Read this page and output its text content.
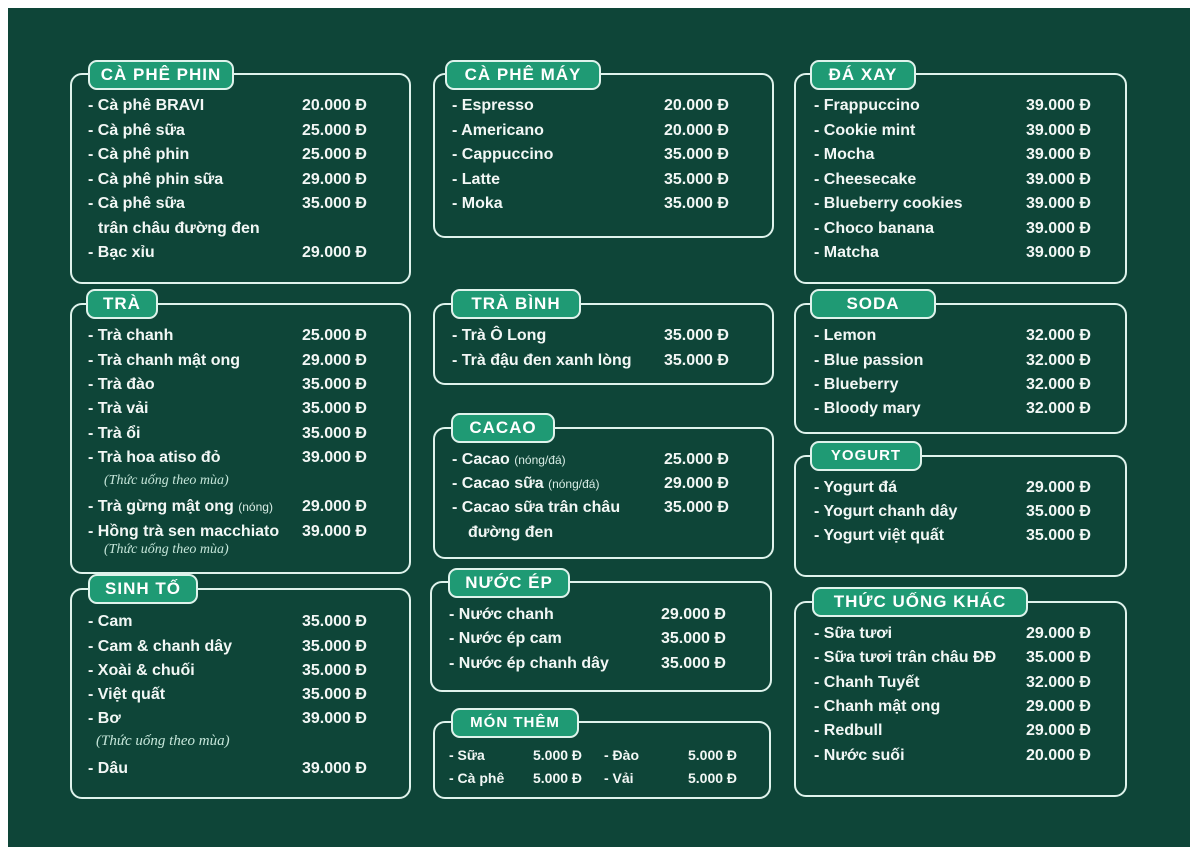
CÀ PHÊ PHIN
- Cà phê BRAVI	20.000 Đ
- Cà phê sữa	25.000 Đ
- Cà phê phin	25.000 Đ
- Cà phê phin sữa	29.000 Đ
- Cà phê sữa	35.000 Đ
trân châu đường đen
- Bạc xỉu	29.000 Đ
TRÀ
- Trà chanh	25.000 Đ
- Trà chanh mật ong	29.000 Đ
- Trà đào	35.000 Đ
- Trà vải	35.000 Đ
- Trà ổi	35.000 Đ
- Trà hoa atiso đỏ	39.000 Đ
(Thức uống theo mùa)
- Trà gừng mật ong (nóng) 29.000 Đ
- Hồng trà sen macchiato 39.000 Đ
(Thức uống theo mùa)
SINH TỐ
- Cam	35.000 Đ
- Cam & chanh dây	35.000 Đ
- Xoài & chuối	35.000 Đ
- Việt quất	35.000 Đ
- Bơ	39.000 Đ
(Thức uống theo mùa)
- Dâu	39.000 Đ
CÀ PHÊ MÁY
- Espresso	20.000 Đ
- Americano	20.000 Đ
- Cappuccino	35.000 Đ
- Latte	35.000 Đ
- Moka	35.000 Đ
TRÀ BÌNH
- Trà Ô Long	35.000 Đ
- Trà đậu đen xanh lòng 35.000 Đ
CACAO
- Cacao (nóng/đá)	25.000 Đ
- Cacao sữa (nóng/đá)	29.000 Đ
- Cacao sữa trân châu	35.000 Đ
đường đen
NƯỚC ÉP
- Nước chanh	29.000 Đ
- Nước ép cam	35.000 Đ
- Nước ép chanh dây	35.000 Đ
MÓN THÊM
- Sữa	5.000 Đ - Đào	5.000 Đ
- Cà phê 5.000 Đ - Vải	5.000 Đ
ĐÁ XAY
- Frappuccino	39.000 Đ
- Cookie mint	39.000 Đ
- Mocha	39.000 Đ
- Cheesecake	39.000 Đ
- Blueberry cookies	39.000 Đ
- Choco banana	39.000 Đ
- Matcha	39.000 Đ
SODA
- Lemon	32.000 Đ
- Blue passion	32.000 Đ
- Blueberry	32.000 Đ
- Bloody mary	32.000 Đ
YOGURT
- Yogurt đá	29.000 Đ
- Yogurt chanh dây	35.000 Đ
- Yogurt việt quất	35.000 Đ
THỨC UỐNG KHÁC
- Sữa tươi	29.000 Đ
- Sữa tươi trân châu ĐĐ 35.000 Đ
- Chanh Tuyết	32.000 Đ
- Chanh mật ong	29.000 Đ
- Redbull	29.000 Đ
- Nước suối	20.000 Đ
